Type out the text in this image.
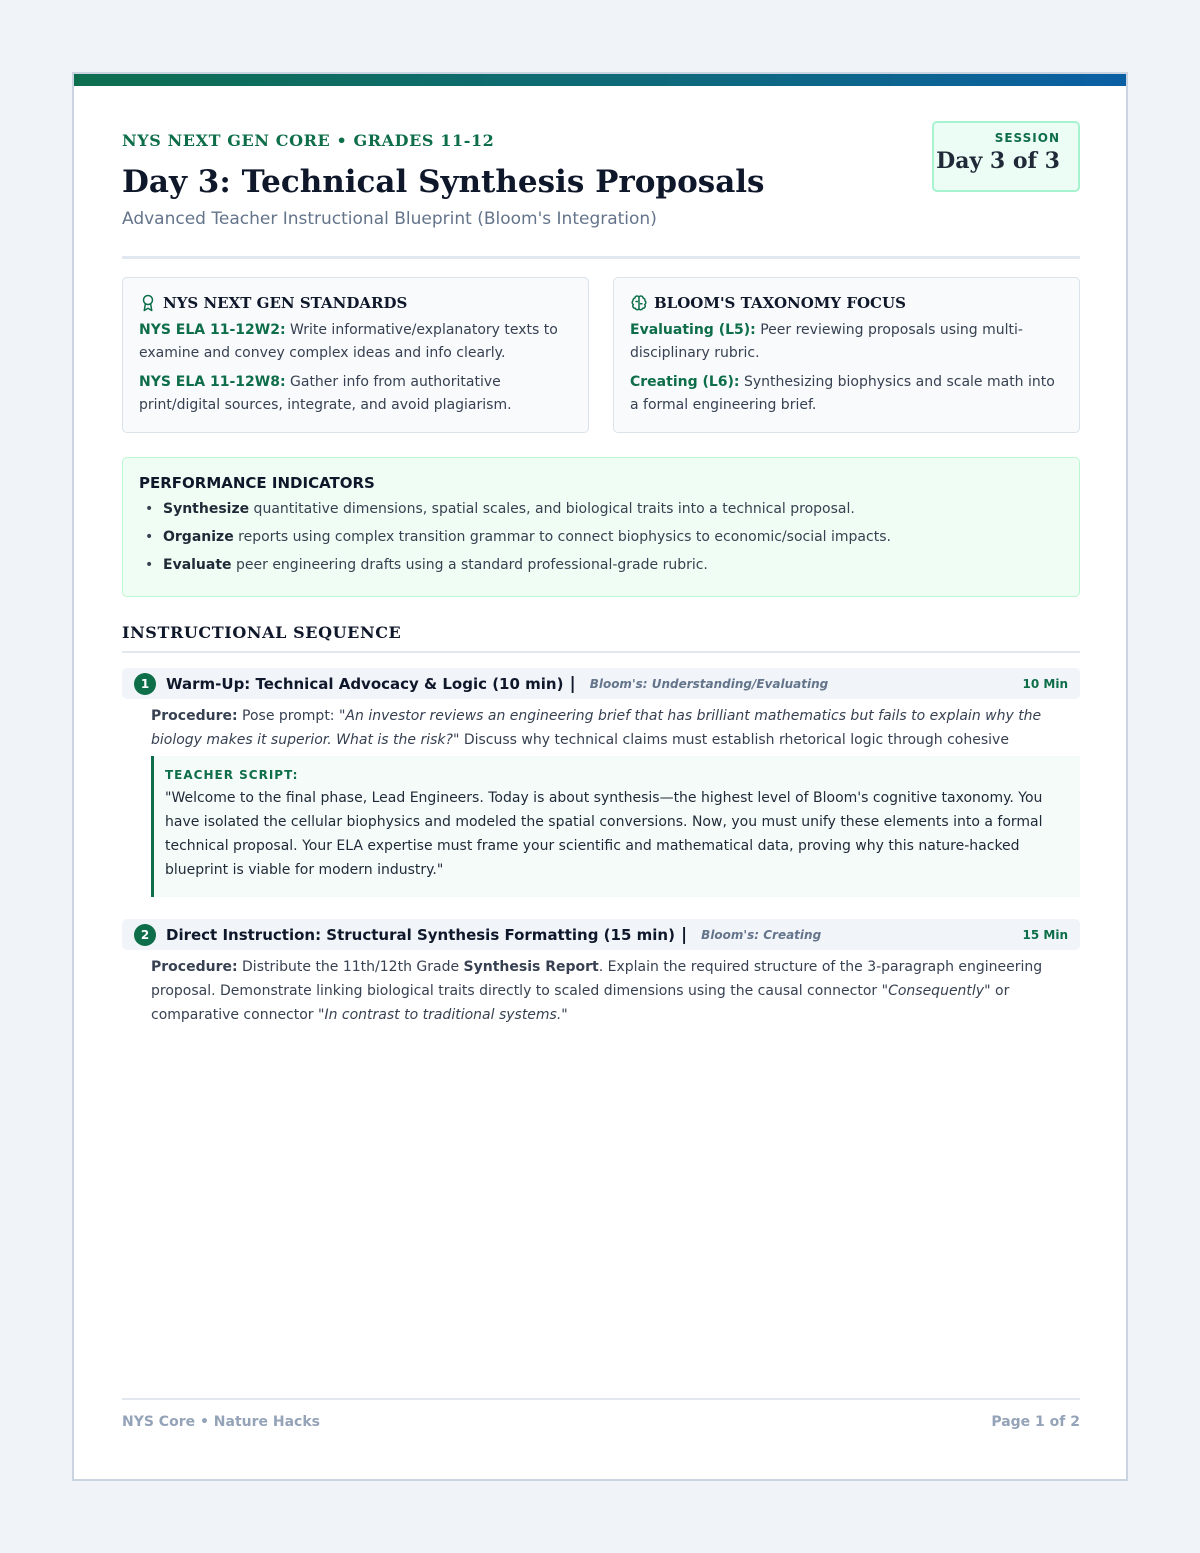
NYS NEXT GEN CORE • GRADES 11-12
Day 3: Technical Synthesis Proposals
Advanced Teacher Instructional Blueprint (Bloom's Integration)
SESSION
Day 3 of 3
NYS NEXT GEN STANDARDS

NYS ELA 11-12W2: Write informative/explanatory texts to examine and convey complex ideas and info clearly.

NYS ELA 11-12W8: Gather info from authoritative print/digital sources, integrate, and avoid plagiarism.

BLOOM'S TAXONOMY FOCUS

Evaluating (L5): Peer reviewing proposals using multi-disciplinary rubric.

Creating (L6): Synthesizing biophysics and scale math into a formal engineering brief.

PERFORMANCE INDICATORS
• Synthesize quantitative dimensions, spatial scales, and biological traits into a technical proposal.
• Organize reports using complex transition grammar to connect biophysics to economic/social impacts.
• Evaluate peer engineering drafts using a standard professional-grade rubric.
INSTRUCTIONAL SEQUENCE
1	Warm-Up: Technical Advocacy & Logic (10 min) | Bloom's: Understanding/Evaluating	10 Min
Procedure: Pose prompt: "An investor reviews an engineering brief that has brilliant mathematics but fails to explain why the biology makes it superior. What is the risk?" Discuss why technical claims must establish rhetorical logic through cohesive
TEACHER SCRIPT:
"Welcome to the final phase, Lead Engineers. Today is about synthesis—the highest level of Bloom's cognitive taxonomy. You have isolated the cellular biophysics and modeled the spatial conversions. Now, you must unify these elements into a formal technical proposal. Your ELA expertise must frame your scientific and mathematical data, proving why this nature-hacked blueprint is viable for modern industry."
2	Direct Instruction: Structural Synthesis Formatting (15 min) | Bloom's: Creating	15 Min
Procedure: Distribute the 11th/12th Grade Synthesis Report. Explain the required structure of the 3-paragraph engineering proposal. Demonstrate linking biological traits directly to scaled dimensions using the causal connector "Consequently" or comparative connector "In contrast to traditional systems."
NYS Core • Nature Hacks	Page 1 of 2
